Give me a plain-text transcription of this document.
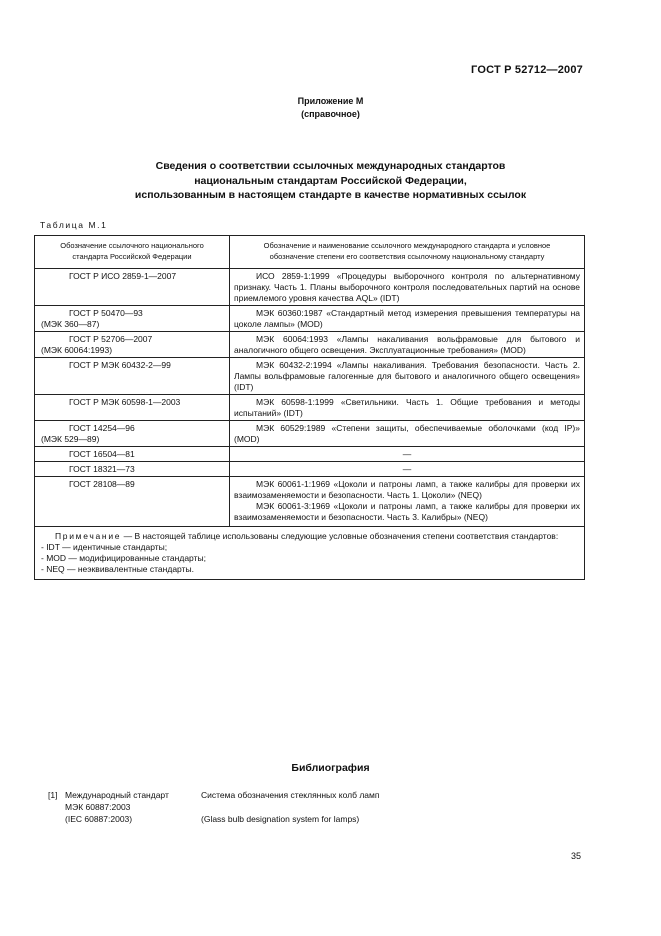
ГОСТ Р 52712—2007
Приложение М
(справочное)
Сведения о соответствии ссылочных международных стандартов
национальным стандартам Российской Федерации,
использованным в настоящем стандарте в качестве нормативных ссылок
Таблица М.1
Обозначение ссылочного национального
стандарта Российской Федерации	Обозначение и наименование ссылочного международного стандарта и условное
обозначение степени его соответствия ссылочному национальному стандарту

ГОСТ Р ИСО 2859-1—2007	ИСО 2859-1:1999 «Процедуры выборочного контроля по альтернативному признаку. Часть 1. Планы выборочного контроля последовательных партий на основе приемлемого уровня качества AQL» (IDT)

ГОСТ Р 50470—93
(МЭК 360—87)	МЭК 60360:1987 «Стандартный метод измерения превышения температуры на цоколе лампы» (MOD)

ГОСТ Р 52706—2007
(МЭК 60064:1993)	МЭК 60064:1993 «Лампы накаливания вольфрамовые для бытового и аналогичного общего освещения. Эксплуатационные требования» (MOD)

ГОСТ Р МЭК 60432-2—99	МЭК 60432-2:1994 «Лампы накаливания. Требования безопасности. Часть 2. Лампы вольфрамовые галогенные для бытового и аналогичного общего освещения» (IDT)

ГОСТ Р МЭК 60598-1—2003	МЭК 60598-1:1999 «Светильники. Часть 1. Общие требования и методы испытаний» (IDT)

ГОСТ 14254—96
(МЭК 529—89)	МЭК 60529:1989 «Степени защиты, обеспечиваемые оболочками (код IP)» (MOD)

ГОСТ 16504—81	—

ГОСТ 18321—73	—

ГОСТ 28108—89	МЭК 60061-1:1969 «Цоколи и патроны ламп, а также калибры для проверки их взаимозаменяемости и безопасности. Часть 1. Цоколи» (NEQ)
МЭК 60061-3:1969 «Цоколи и патроны ламп, а также калибры для проверки их взаимозаменяемости и безопасности. Часть 3. Калибры» (NEQ)

Примечание — В настоящей таблице использованы следующие условные обозначения степени соответствия стандартов:
- IDT — идентичные стандарты;
- MOD — модифицированные стандарты;
- NEQ — неэквивалентные стандарты.	
Библиография
[1] Международный стандарт
МЭК 60887:2003
(IEC 60887:2003)
Система обозначения стеклянных колб ламп
(Glass bulb designation system for lamps)
35
